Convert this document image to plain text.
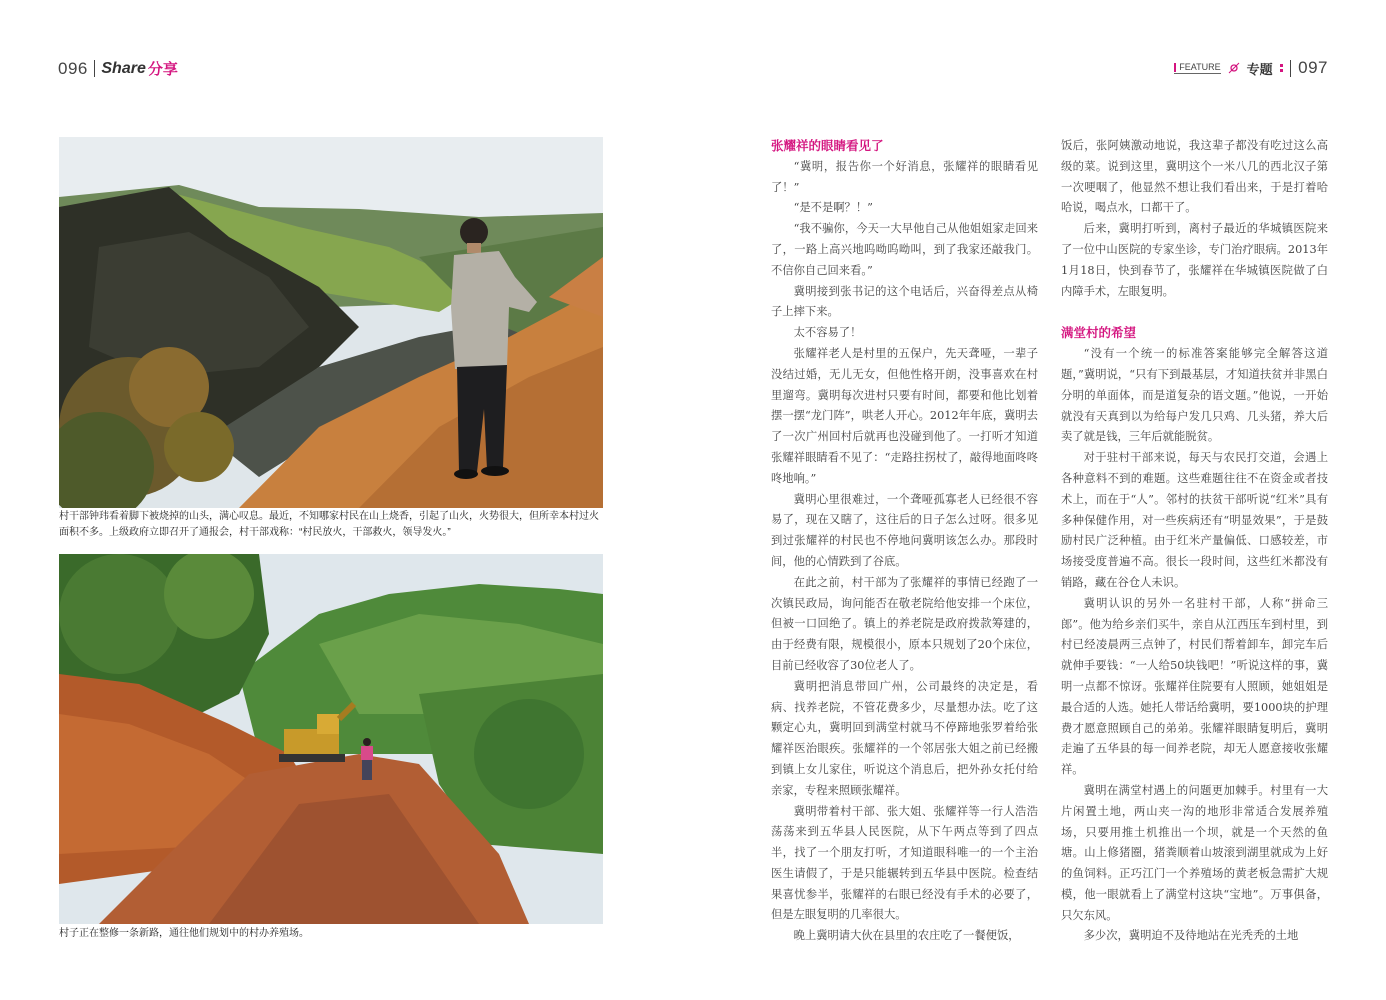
096 Share 分享	FEATURE 专题 097
村干部钟玮看着脚下被烧掉的山头，满心叹息。最近，不知哪家村民在山上烧香，引起了山火，火势很大，但所幸本村过火面积不多。上级政府立即召开了通报会，村干部戏称：“村民放火，干部救火，领导发火。”
村子正在整修一条新路，通往他们规划中的村办养殖场。
张耀祥的眼睛看见了

“冀明，报告你一个好消息，张耀祥的眼睛看见了！”

“是不是啊？！”

“我不骗你，今天一大早他自己从他姐姐家走回来了，一路上高兴地呜呦呜呦叫，到了我家还敲我门。不信你自己回来看。”

冀明接到张书记的这个电话后，兴奋得差点从椅子上摔下来。

太不容易了！

张耀祥老人是村里的五保户，先天聋哑，一辈子没结过婚，无儿无女，但他性格开朗，没事喜欢在村里遛弯。冀明每次进村只要有时间，都要和他比划着摆一摆“龙门阵”，哄老人开心。2012年年底，冀明去了一次广州回村后就再也没碰到他了。一打听才知道张耀祥眼睛看不见了：“走路拄拐杖了，敲得地面咚咚咚地响。”

冀明心里很难过，一个聋哑孤寡老人已经很不容易了，现在又瞎了，这往后的日子怎么过呀。很多见到过张耀祥的村民也不停地问冀明该怎么办。那段时间，他的心情跌到了谷底。

在此之前，村干部为了张耀祥的事情已经跑了一次镇民政局，询问能否在敬老院给他安排一个床位，但被一口回绝了。镇上的养老院是政府拨款筹建的，由于经费有限，规模很小，原本只规划了20个床位，目前已经收容了30位老人了。

冀明把消息带回广州，公司最终的决定是，看病、找养老院，不管花费多少，尽量想办法。吃了这颗定心丸，冀明回到满堂村就马不停蹄地张罗着给张耀祥医治眼疾。张耀祥的一个邻居张大姐之前已经搬到镇上女儿家住，听说这个消息后，把外孙女托付给亲家，专程来照顾张耀祥。

冀明带着村干部、张大姐、张耀祥等一行人浩浩荡荡来到五华县人民医院，从下午两点等到了四点半，找了一个朋友打听，才知道眼科唯一的一个主治医生请假了，于是只能辗转到五华县中医院。检查结果喜忧参半，张耀祥的右眼已经没有手术的必要了，但是左眼复明的几率很大。

晚上冀明请大伙在县里的农庄吃了一餐便饭，

饭后，张阿姨激动地说，我这辈子都没有吃过这么高级的菜。说到这里，冀明这个一米八几的西北汉子第一次哽咽了，他显然不想让我们看出来，于是打着哈哈说，喝点水，口都干了。

后来，冀明打听到，离村子最近的华城镇医院来了一位中山医院的专家坐诊，专门治疗眼病。2013年1月18日，快到春节了，张耀祥在华城镇医院做了白内障手术，左眼复明。

满堂村的希望

“没有一个统一的标准答案能够完全解答这道题，”冀明说，“只有下到最基层，才知道扶贫并非黑白分明的单面体，而是道复杂的语文题。”他说，一开始就没有天真到以为给每户发几只鸡、几头猪，养大后卖了就是钱，三年后就能脱贫。

对于驻村干部来说，每天与农民打交道，会遇上各种意料不到的难题。这些难题往往不在资金或者技术上，而在于“人”。邻村的扶贫干部听说“红米”具有多种保健作用，对一些疾病还有“明显效果”，于是鼓励村民广泛种植。由于红米产量偏低、口感较差，市场接受度普遍不高。很长一段时间，这些红米都没有销路，藏在谷仓人未识。

冀明认识的另外一名驻村干部，人称“拼命三郎”。他为给乡亲们买牛，亲自从江西压车到村里，到村已经凌晨两三点钟了，村民们帮着卸车，卸完车后就伸手要钱：“一人给50块钱吧！”听说这样的事，冀明一点都不惊讶。张耀祥住院要有人照顾，她姐姐是最合适的人选。她托人带话给冀明，要1000块的护理费才愿意照顾自己的弟弟。张耀祥眼睛复明后，冀明走遍了五华县的每一间养老院，却无人愿意接收张耀祥。

冀明在满堂村遇上的问题更加棘手。村里有一大片闲置土地，两山夹一沟的地形非常适合发展养殖场，只要用推土机推出一个坝，就是一个天然的鱼塘。山上修猪圈，猪粪顺着山坡滚到湖里就成为上好的鱼饲料。正巧江门一个养殖场的黄老板急需扩大规模，他一眼就看上了满堂村这块“宝地”。万事俱备，只欠东风。

多少次，冀明迫不及待地站在光秃秃的土地
